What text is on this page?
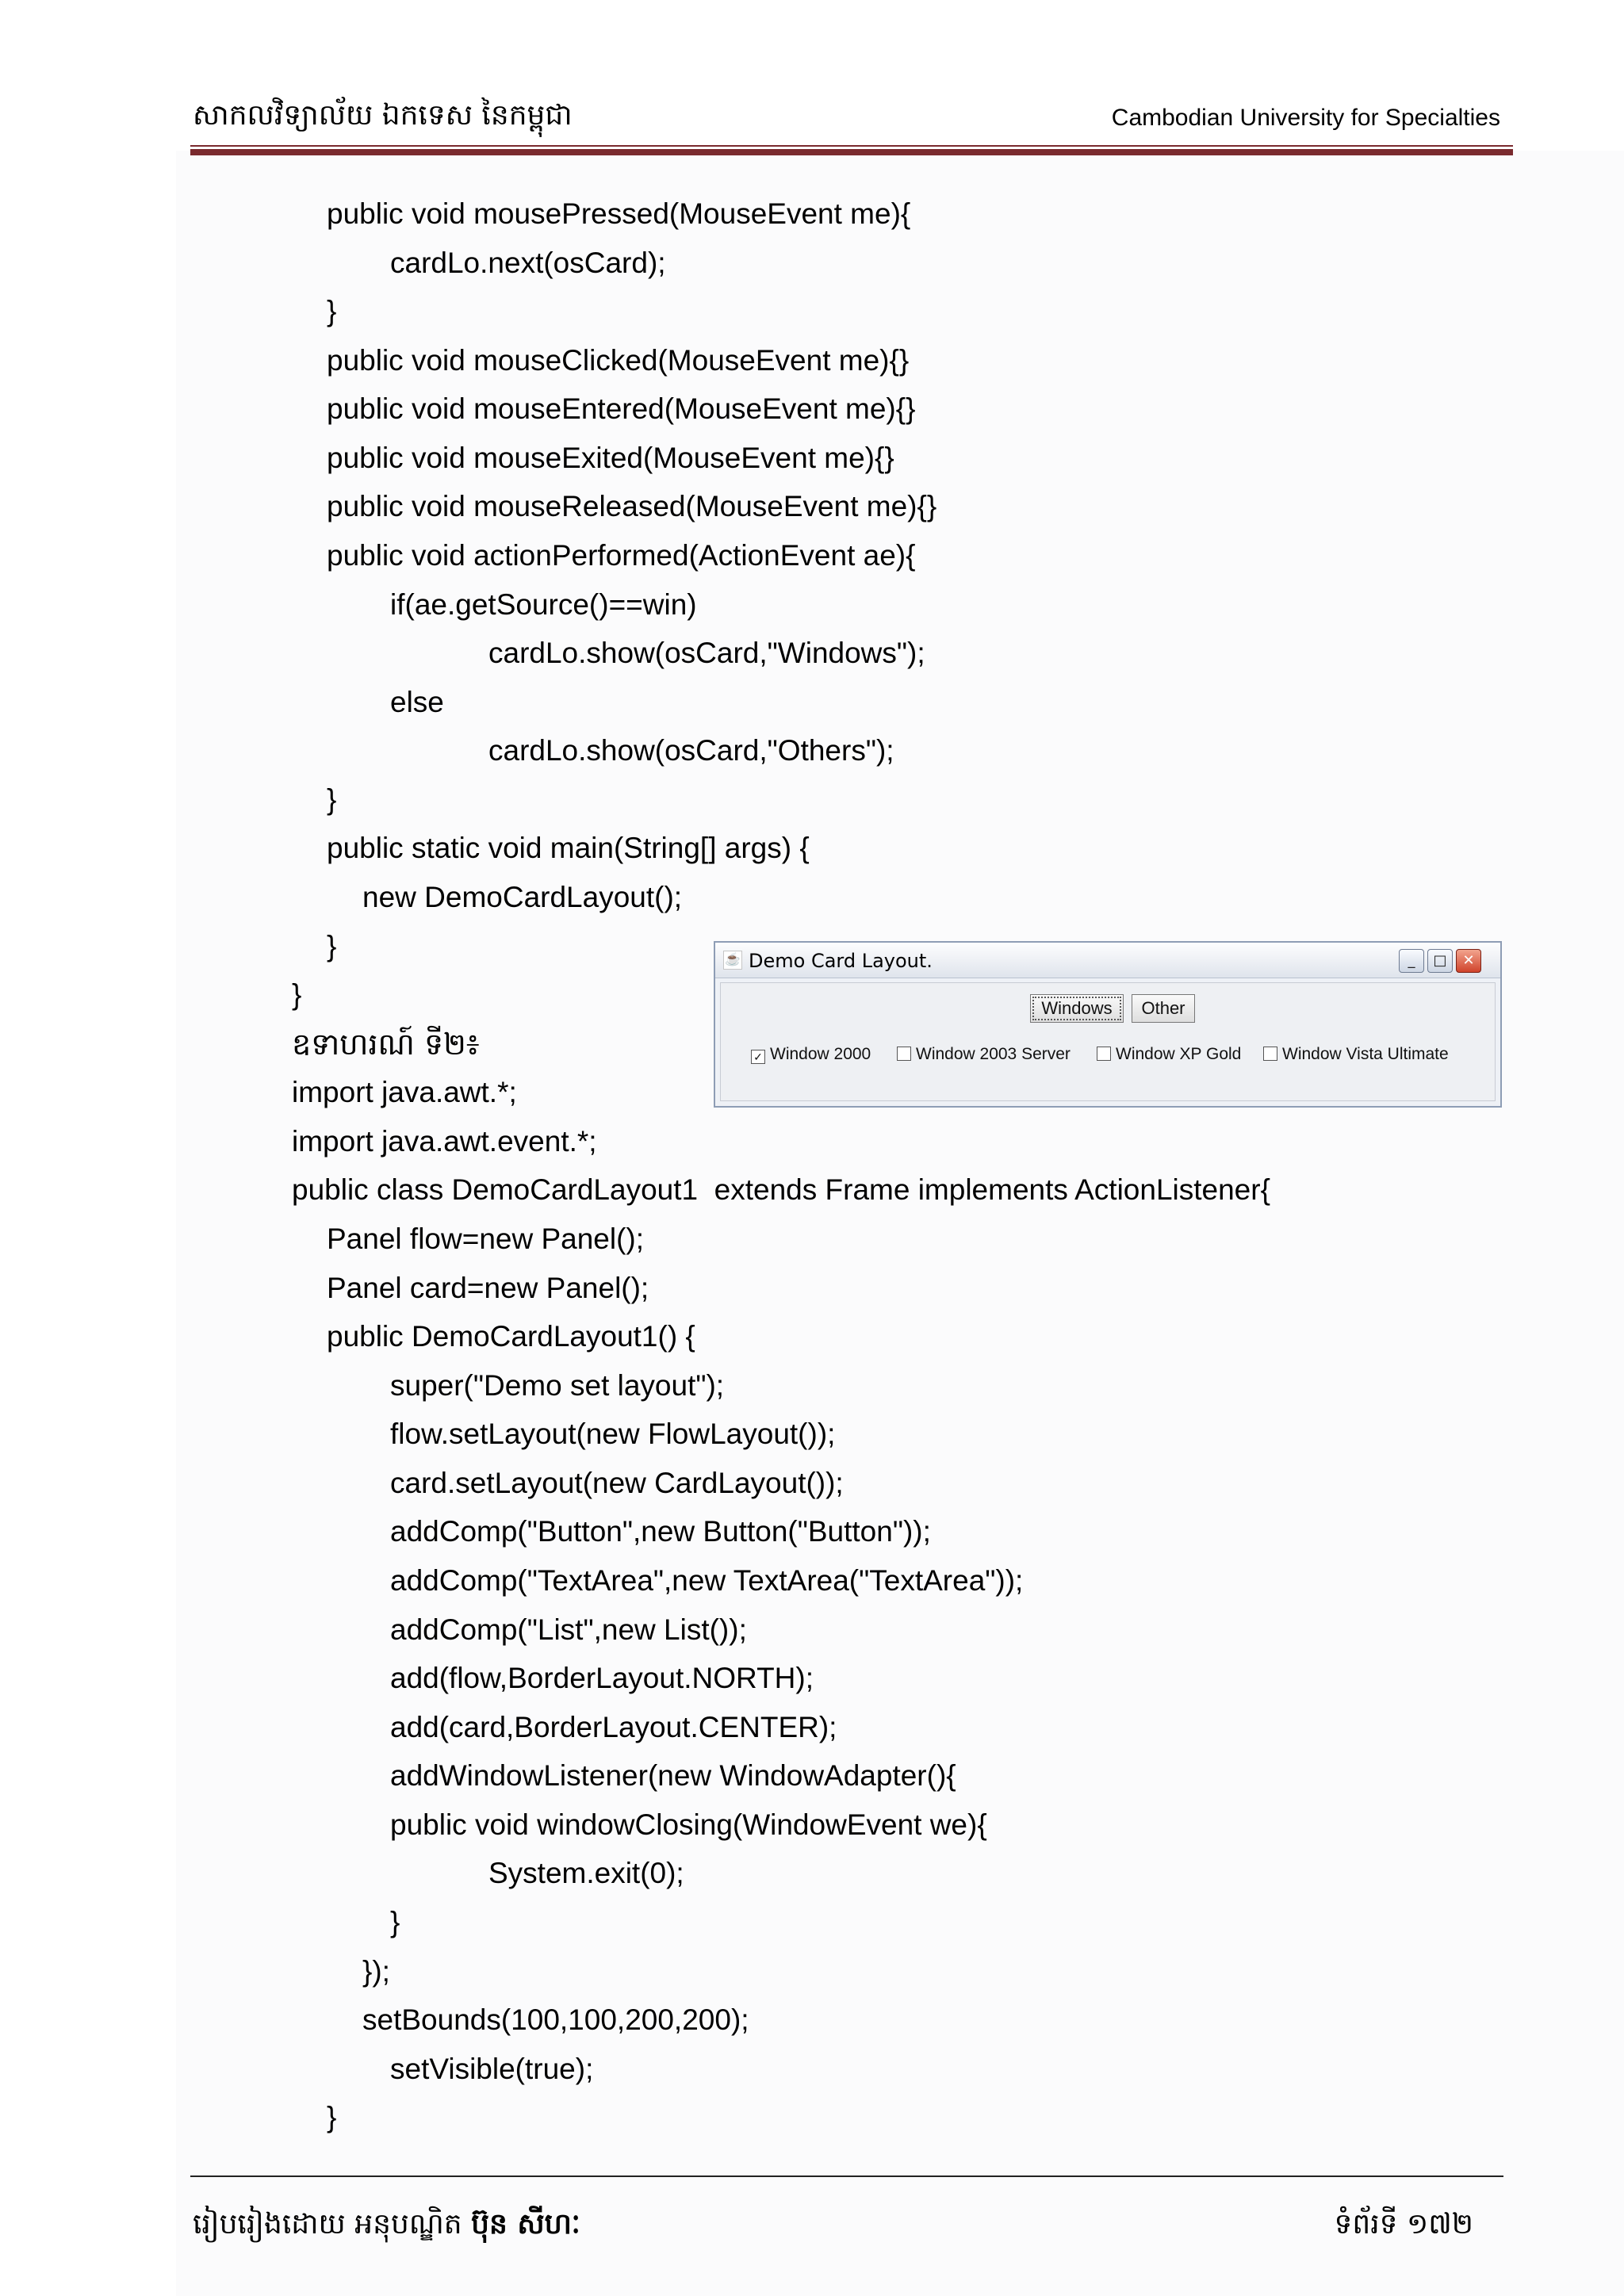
សាកលវិទ្យាល័យ ឯកទេស នៃកម្ពុជា	Cambodian University for Specialties
public void mousePressed(MouseEvent me){
cardLo.next(osCard);
}
public void mouseClicked(MouseEvent me){}
public void mouseEntered(MouseEvent me){}
public void mouseExited(MouseEvent me){}
public void mouseReleased(MouseEvent me){}
public void actionPerformed(ActionEvent ae){
if(ae.getSource()==win)
cardLo.show(osCard,"Windows");
else
cardLo.show(osCard,"Others");
}
public static void main(String[] args) {
new DemoCardLayout();
}
}
ឧទាហរណ៍ ទី២៖
import java.awt.*;
import java.awt.event.*;
public class DemoCardLayout1  extends Frame implements ActionListener{
Panel flow=new Panel();
Panel card=new Panel();
public DemoCardLayout1() {
super("Demo set layout");
flow.setLayout(new FlowLayout());
card.setLayout(new CardLayout());
addComp("Button",new Button("Button"));
addComp("TextArea",new TextArea("TextArea"));
addComp("List",new List());
add(flow,BorderLayout.NORTH);
add(card,BorderLayout.CENTER);
addWindowListener(new WindowAdapter(){
public void windowClosing(WindowEvent we){
System.exit(0);
}
});
setBounds(100,100,200,200);
setVisible(true);
}
☕ Demo Card Layout.	_	□	✕
Windows	Other
✓ Window 2000	Window 2003 Server	Window XP Gold	Window Vista Ultimate
រៀបរៀងដោយ អនុបណ្ឌិត ប៊ុន សីហៈ	ទំព័រទី ១៧២
